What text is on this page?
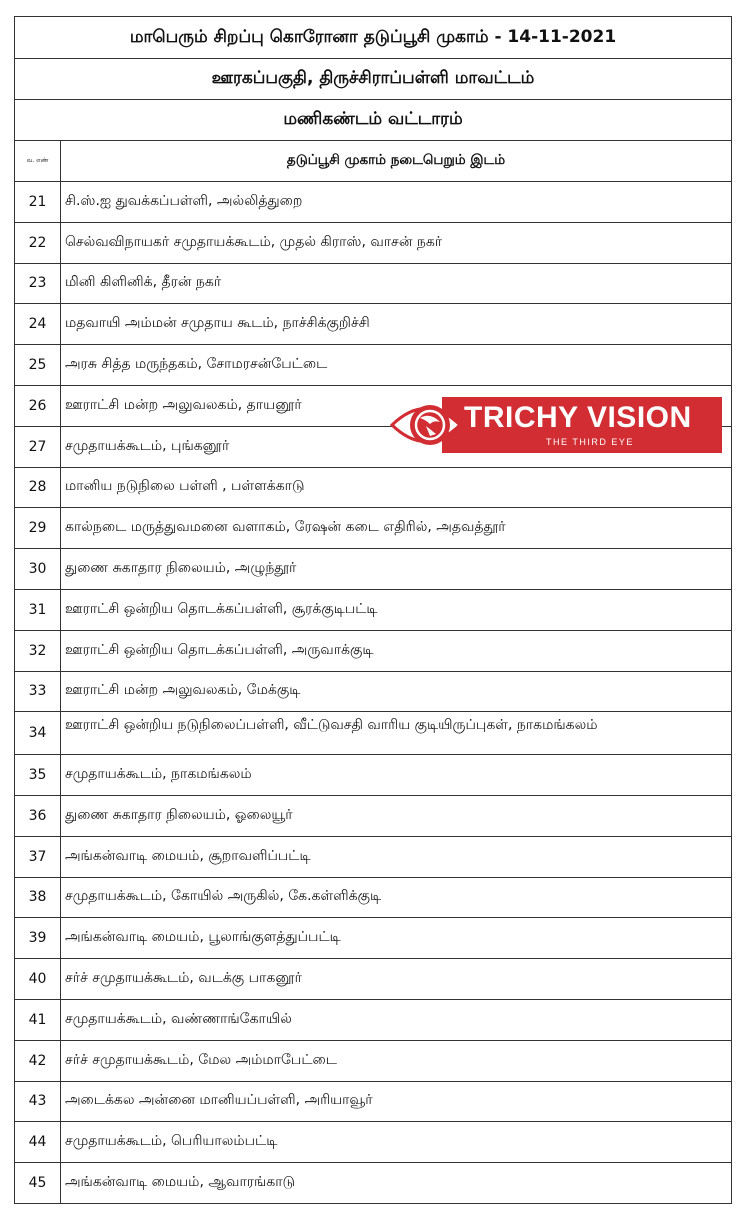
மாபெரும் சிறப்பு கொரோனா தடுப்பூசி முகாம் - 14-11-2021	
ஊரகப்பகுதி, திருச்சிராப்பள்ளி மாவட்டம்	
மணிகண்டம் வட்டாரம்	
வ. எண்	தடுப்பூசி முகாம் நடைபெறும் இடம்
21	சி.ஸ்.ஐ துவக்கப்பள்ளி, அல்லித்துறை
22	செல்வவிநாயகர் சமுதாயக்கூடம், முதல் கிராஸ், வாசன் நகர்
23	மினி கிளினிக், தீரன் நகர்
24	மதவாயி அம்மன் சமுதாய கூடம், நாச்சிக்குறிச்சி
25	அரசு சித்த மருந்தகம், சோமரசன்பேட்டை
26	ஊராட்சி மன்ற அலுவலகம், தாயனூர்
27	சமுதாயக்கூடம், புங்கனூர்
28	மானிய நடுநிலை பள்ளி , பள்ளக்காடு
29	கால்நடை மருத்துவமனை வளாகம், ரேஷன் கடை எதிரில், அதவத்தூர்
30	துணை சுகாதார நிலையம், அழுந்தூர்
31	ஊராட்சி ஒன்றிய தொடக்கப்பள்ளி, சூரக்குடிபட்டி
32	ஊராட்சி ஒன்றிய தொடக்கப்பள்ளி, அருவாக்குடி
33	ஊராட்சி மன்ற அலுவலகம், மேக்குடி
34	ஊராட்சி ஒன்றிய நடுநிலைப்பள்ளி, வீட்டுவசதி வாரிய குடியிருப்புகள், நாகமங்கலம்

35	சமுதாயக்கூடம், நாகமங்கலம்
36	துணை சுகாதார நிலையம், ஓலையூர்
37	அங்கன்வாடி மையம், சூறாவளிப்பட்டி
38	சமுதாயக்கூடம், கோயில் அருகில், கே.கள்ளிக்குடி
39	அங்கன்வாடி மையம், பூலாங்குளத்துப்பட்டி
40	சர்ச் சமுதாயக்கூடம், வடக்கு பாகனூர்
41	சமுதாயக்கூடம், வண்ணாங்கோயில்
42	சர்ச் சமுதாயக்கூடம், மேல அம்மாபேட்டை
43	அடைக்கல அன்னை மானியப்பள்ளி, அரியாவூர்
44	சமுதாயக்கூடம், பெரியாலம்பட்டி
45	அங்கன்வாடி மையம், ஆவாரங்காடு
TRICHY VISION
THE THIRD EYE
